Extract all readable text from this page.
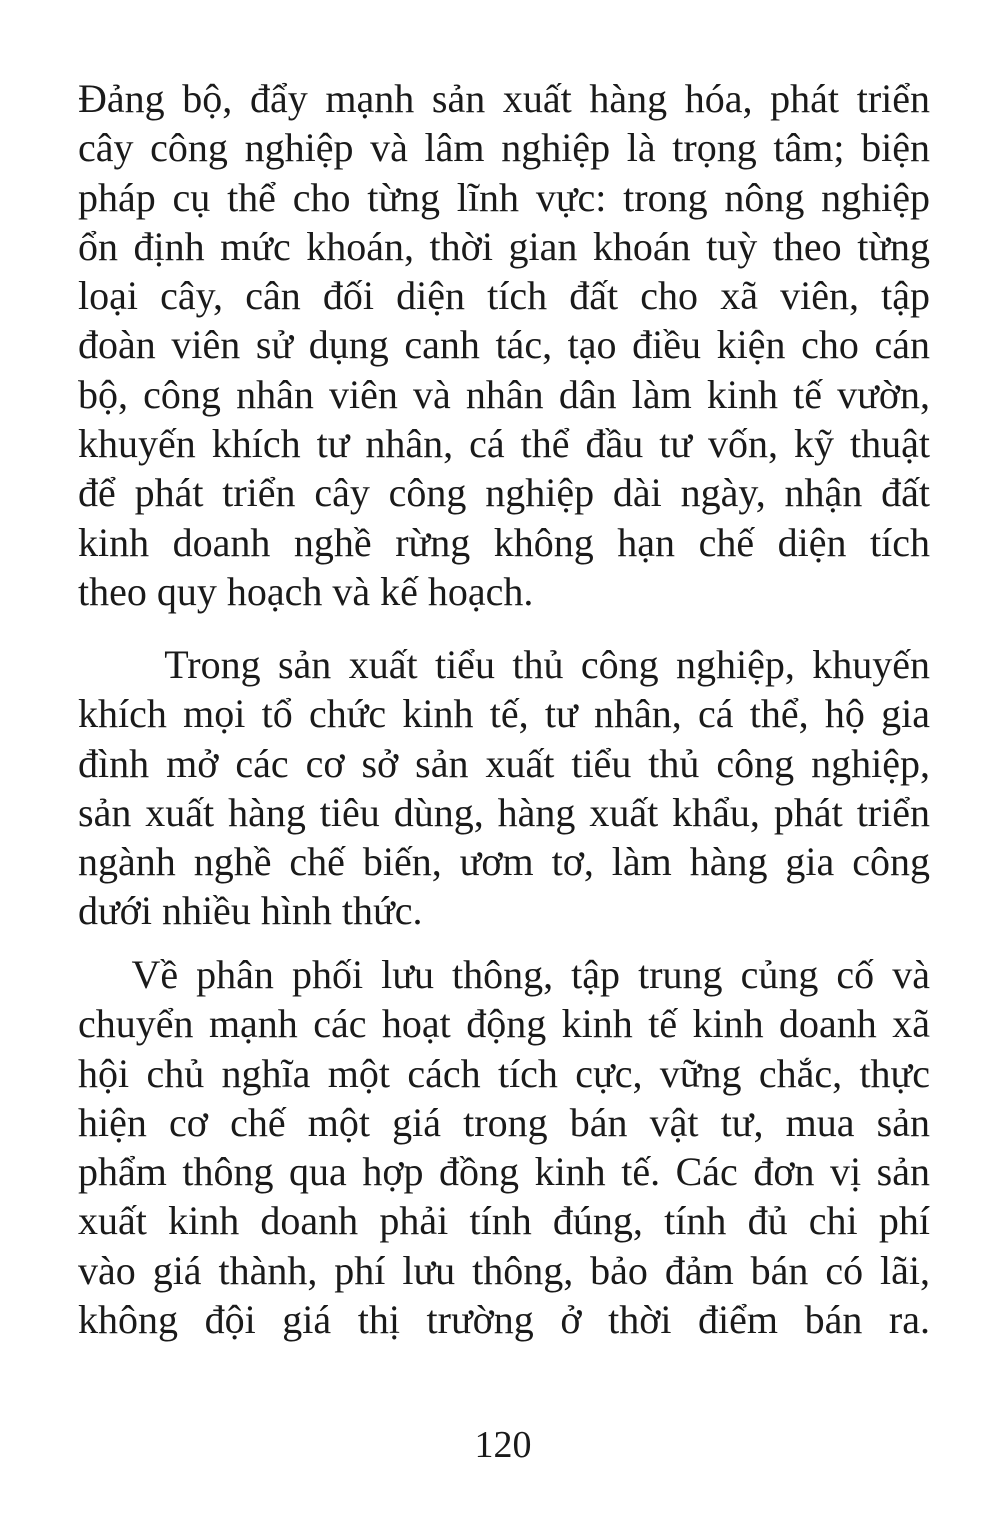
Đảng bộ, đẩy mạnh sản xuất hàng hóa, phát triển
cây công nghiệp và lâm nghiệp là trọng tâm; biện
pháp cụ thể cho từng lĩnh vực: trong nông nghiệp
ổn định mức khoán, thời gian khoán tuỳ theo từng
loại cây, cân đối diện tích đất cho xã viên, tập
đoàn viên sử dụng canh tác, tạo điều kiện cho cán
bộ, công nhân viên và nhân dân làm kinh tế vườn,
khuyến khích tư nhân, cá thể đầu tư vốn, kỹ thuật
để phát triển cây công nghiệp dài ngày, nhận đất
kinh doanh nghề rừng không hạn chế diện tích
theo quy hoạch và kế hoạch.
Trong sản xuất tiểu thủ công nghiệp, khuyến
khích mọi tổ chức kinh tế, tư nhân, cá thể, hộ gia
đình mở các cơ sở sản xuất tiểu thủ công nghiệp,
sản xuất hàng tiêu dùng, hàng xuất khẩu, phát triển
ngành nghề chế biến, ươm tơ, làm hàng gia công
dưới nhiều hình thức.
Về phân phối lưu thông, tập trung củng cố và
chuyển mạnh các hoạt động kinh tế kinh doanh xã
hội chủ nghĩa một cách tích cực, vững chắc, thực
hiện cơ chế một giá trong bán vật tư, mua sản
phẩm thông qua hợp đồng kinh tế. Các đơn vị sản
xuất kinh doanh phải tính đúng, tính đủ chi phí
vào giá thành, phí lưu thông, bảo đảm bán có lãi,
không đội giá thị trường ở thời điểm bán ra.
120
